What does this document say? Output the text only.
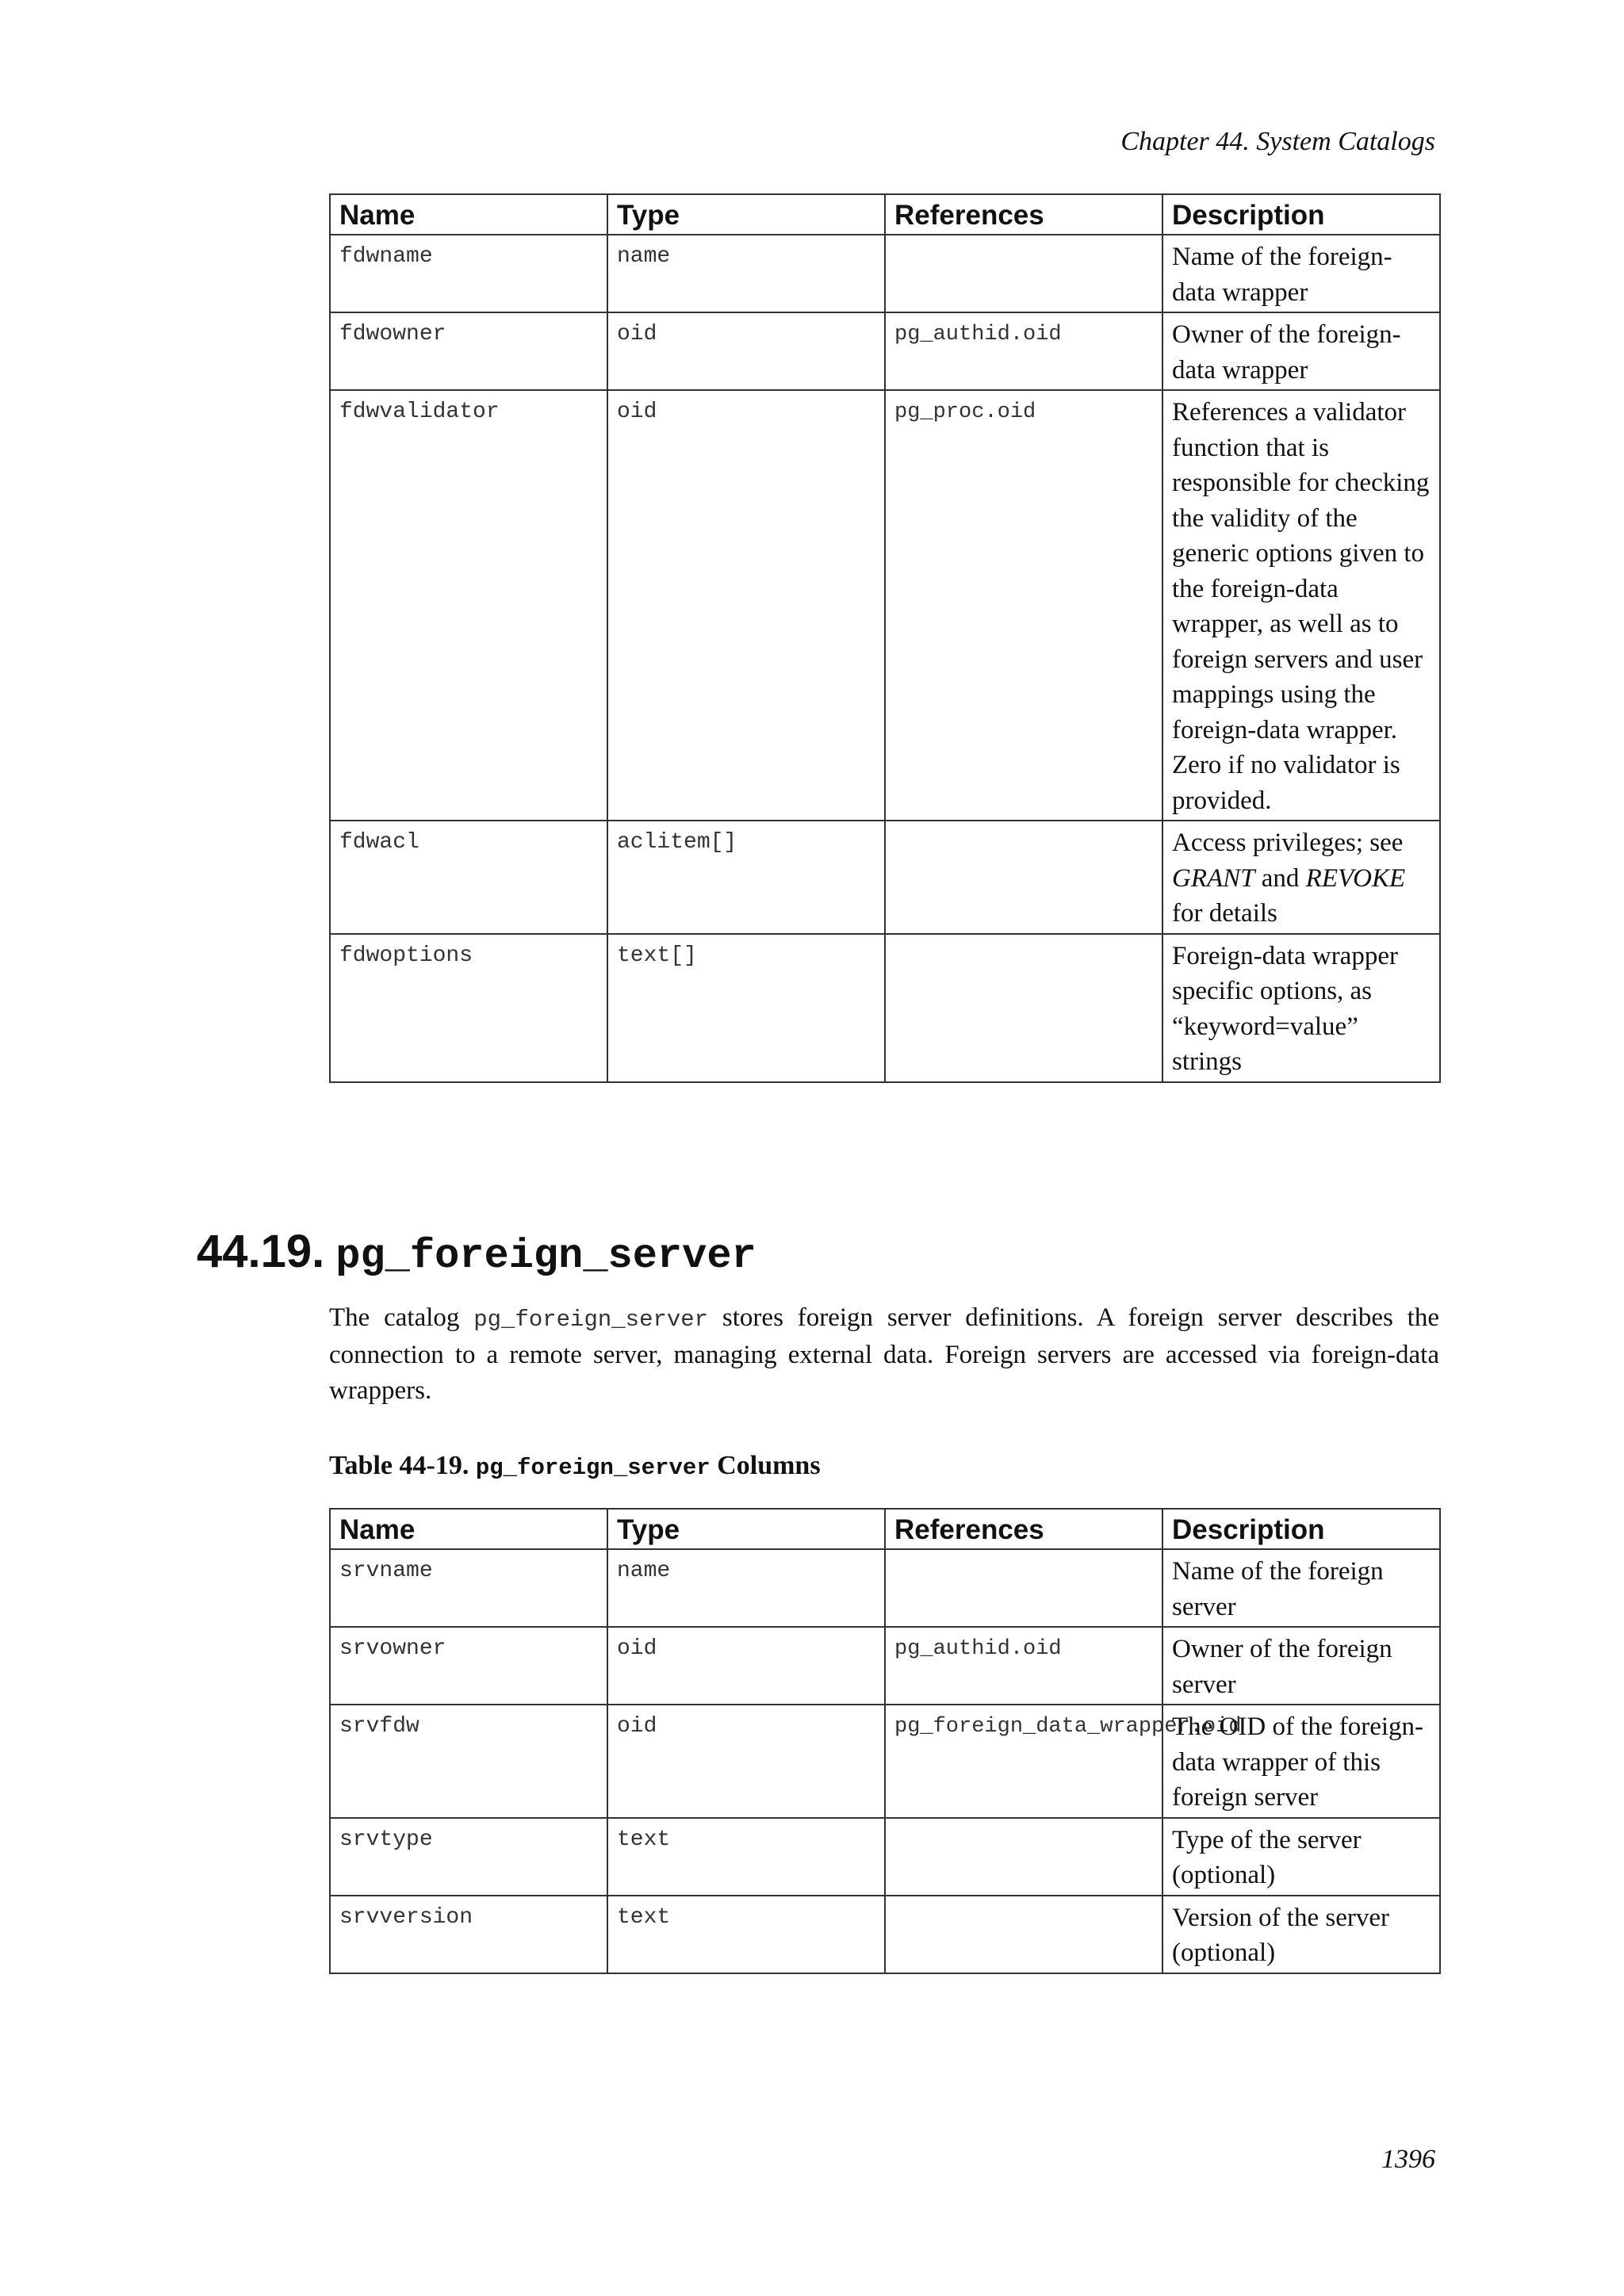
Chapter 44. System Catalogs
Name	Type	References	Description
fdwname	name		Name of the foreign-data wrapper
fdwowner	oid	pg_authid.oid	Owner of the foreign-data wrapper
fdwvalidator	oid	pg_proc.oid	References a validator function that is responsible for checking the validity of the generic options given to the foreign-data wrapper, as well as to foreign servers and user mappings using the foreign-data wrapper. Zero if no validator is provided.
fdwacl	aclitem[]		Access privileges; see GRANT and REVOKE for details
fdwoptions	text[]		Foreign-data wrapper specific options, as “keyword=value” strings
44.19. pg_foreign_server
The catalog pg_foreign_server stores foreign server definitions. A foreign server describes the connection to a remote server, managing external data. Foreign servers are accessed via foreign-data wrappers.
Table 44-19. pg_foreign_server Columns
Name	Type	References	Description
srvname	name		Name of the foreign server
srvowner	oid	pg_authid.oid	Owner of the foreign server
srvfdw	oid	pg_foreign_data_wrapper.oid	The OID of the foreign-data wrapper of this foreign server
srvtype	text		Type of the server (optional)
srvversion	text		Version of the server (optional)
1396
